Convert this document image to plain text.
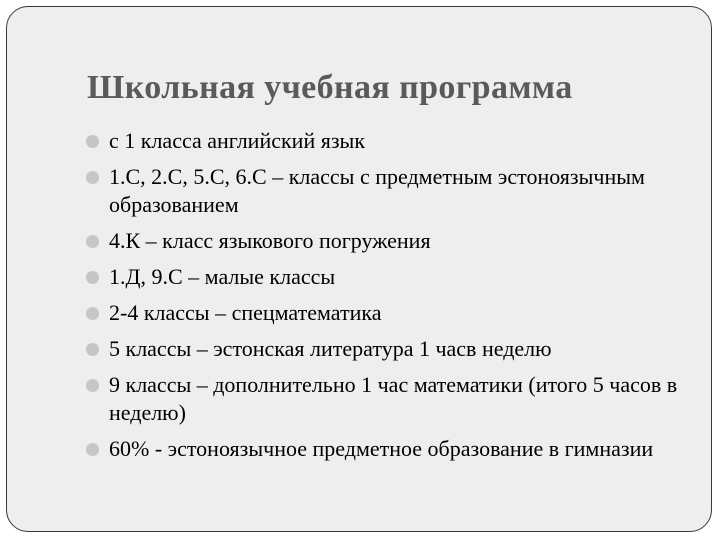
Школьная учебная программа
с 1 класса английский язык
1.С, 2.С, 5.С, 6.С – классы с предметным эстоноязычным образованием
4.К – класс языкового погружения
1.Д, 9.С – малые классы
2-4 классы – спецматематика
5 классы – эстонская литература 1 часв неделю
9 классы – дополнительно 1 час математики (итого 5 часов в неделю)
60% - эстоноязычное предметное образование в гимназии
